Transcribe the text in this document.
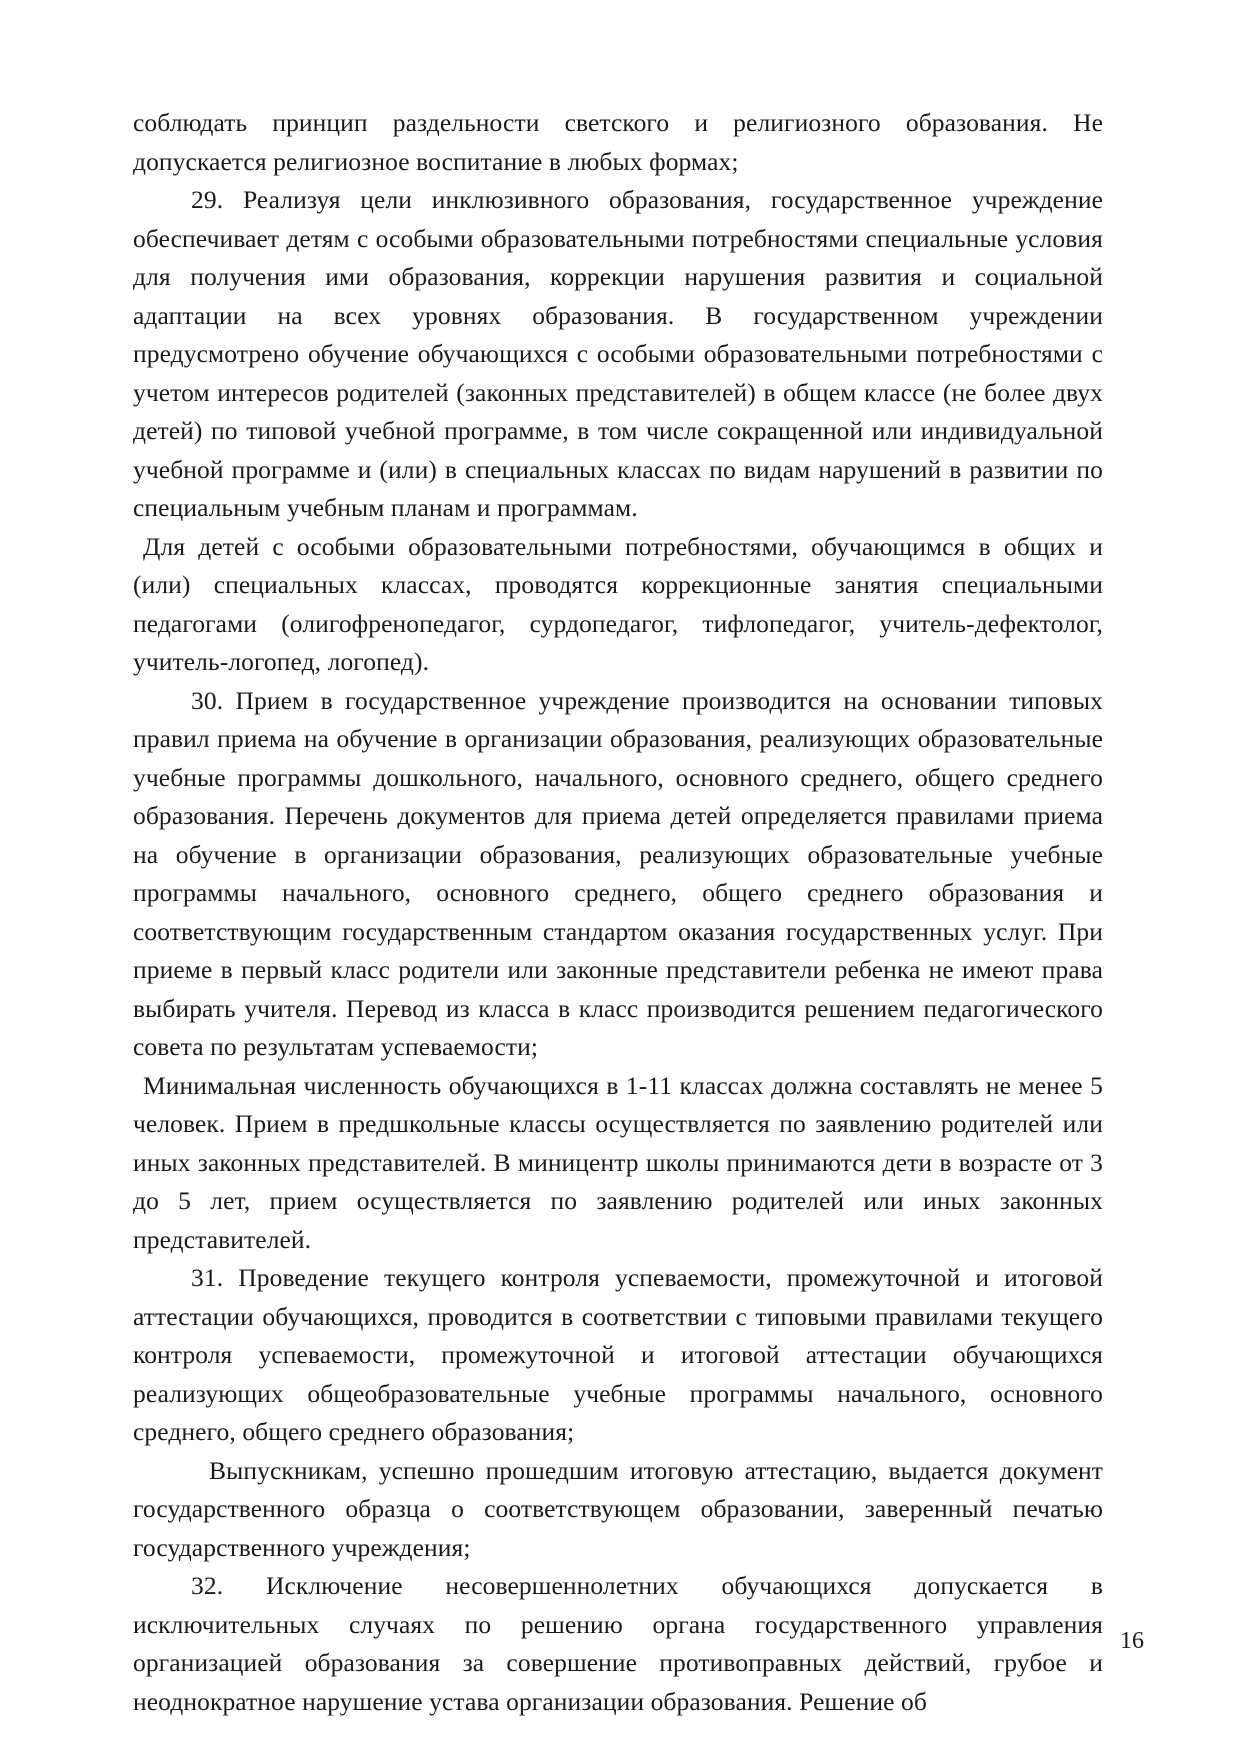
соблюдать принцип раздельности светского и религиозного образования. Не допускается религиозное воспитание в любых формах;

29. Реализуя цели инклюзивного образования, государственное учреждение обеспечивает детям с особыми образовательными потребностями специальные условия для получения ими образования, коррекции нарушения развития и социальной адаптации на всех уровнях образования. В государственном учреждении предусмотрено обучение обучающихся с особыми образовательными потребностями с учетом интересов родителей (законных представителей) в общем классе (не более двух детей) по типовой учебной программе, в том числе сокращенной или индивидуальной учебной программе и (или) в специальных классах по видам нарушений в развитии по специальным учебным планам и программам.

Для детей с особыми образовательными потребностями, обучающимся в общих и (или) специальных классах, проводятся коррекционные занятия специальными педагогами (олигофренопедагог, сурдопедагог, тифлопедагог, учитель-дефектолог, учитель-логопед, логопед).

30. Прием в государственное учреждение производится на основании типовых правил приема на обучение в организации образования, реализующих образовательные учебные программы дошкольного, начального, основного среднего, общего среднего образования. Перечень документов для приема детей определяется правилами приема на обучение в организации образования, реализующих образовательные учебные программы начального, основного среднего, общего среднего образования и соответствующим государственным стандартом оказания государственных услуг. При приеме в первый класс родители или законные представители ребенка не имеют права выбирать учителя. Перевод из класса в класс производится решением педагогического совета по результатам успеваемости;

Минимальная численность обучающихся в 1-11 классах должна составлять не менее 5 человек. Прием в предшкольные классы осуществляется по заявлению родителей или иных законных представителей. В миницентр школы принимаются дети в возрасте от 3 до 5 лет, прием осуществляется по заявлению родителей или иных законных представителей.

31. Проведение текущего контроля успеваемости, промежуточной и итоговой аттестации обучающихся, проводится в соответствии с типовыми правилами текущего контроля успеваемости, промежуточной и итоговой аттестации обучающихся реализующих общеобразовательные учебные программы начального, основного среднего, общего среднего образования;

Выпускникам, успешно прошедшим итоговую аттестацию, выдается документ государственного образца о соответствующем образовании, заверенный печатью государственного учреждения;

32. Исключение несовершеннолетних обучающихся допускается в исключительных случаях по решению органа государственного управления организацией образования за совершение противоправных действий, грубое и неоднократное нарушение устава организации образования. Решение об

16
